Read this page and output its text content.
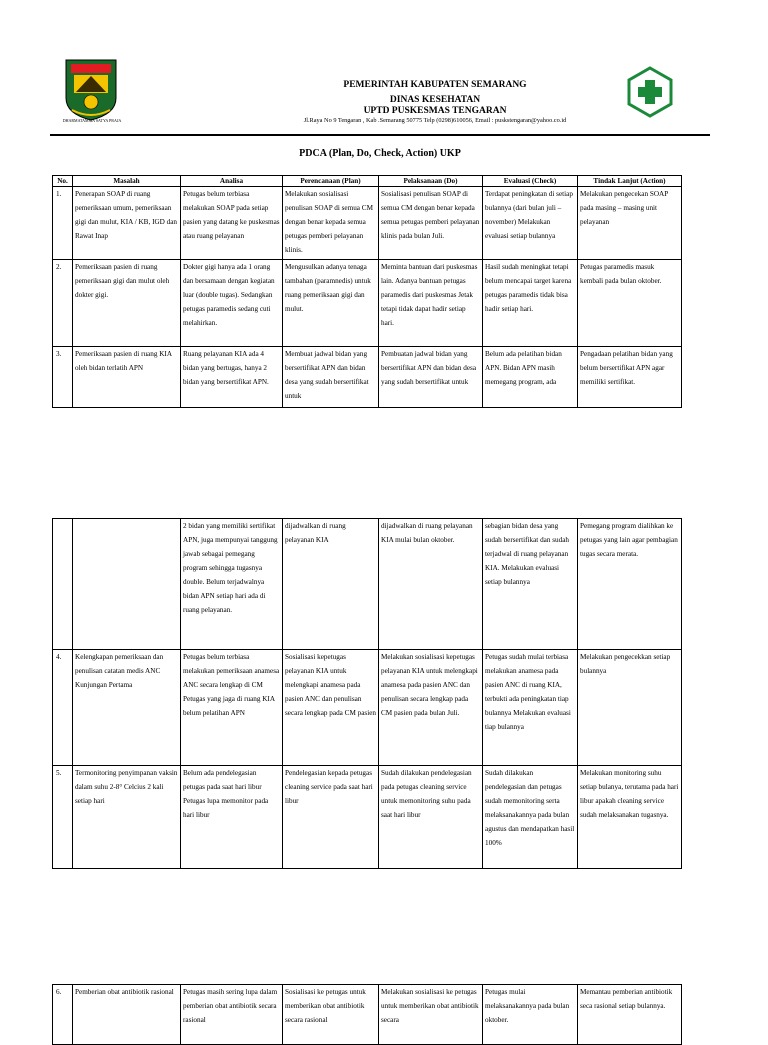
DHARMATAMMA SATYA PRAJA
PEMERINTAH KABUPATEN SEMARANG
DINAS KESEHATAN
UPTD PUSKESMAS TENGARAN
Jl.Raya No 9 Tengaran , Kab .Semarang 50775 Telp (0298)610056, Email : puskstengaran@yahoo.co.id
PDCA (Plan, Do, Check, Action) UKP
No.	Masalah	Analisa	Perencanaan (Plan)	Pelaksanaan (Do)	Evaluasi (Check)	Tindak Lanjut (Action)
1.	Penerapan SOAP di ruang pemeriksaan umum, pemeriksaan gigi dan mulut, KIA / KB, IGD dan Rawat Inap	Petugas belum terbiasa melakukan SOAP pada setiap pasien yang datang ke puskesmas atau ruang pelayanan	Melakukan sosialisasi penulisan SOAP di semua CM dengan benar kepada semua petugas pemberi pelayanan klinis.	Sosialisasi penulisan SOAP di semua CM dengan benar kepada semua petugas pemberi pelayanan klinis pada bulan Juli.	Terdapat peningkatan di setiap bulannya (dari bulan juli – november) Melakukan evaluasi setiap bulannya	Melakukan pengecekan SOAP pada masing – masing unit pelayanan
2.	Pemeriksaan pasien di ruang pemeriksaan gigi dan mulut oleh dokter gigi.	Dokter gigi hanya ada 1 orang dan bersamaan dengan kegiatan luar (double tugas). Sedangkan petugas paramedis sedang cuti melahirkan.	Mengusulkan adanya tenaga tambahan (paramnedis) untuk ruang pemeriksaan gigi dan mulut.	Meminta bantuan dari puskesmas lain. Adanya bantuan petugas paramedis dari puskesmas Jetak tetapi tidak dapat hadir setiap hari.	Hasil sudah meningkat tetapi belum mencapai target karena petugas paramedis tidak bisa hadir setiap hari.	Petugas paramedis masuk kembali pada bulan oktober.
3.	Pemeriksaan pasien di ruang KIA oleh bidan terlatih APN	Ruang pelayanan KIA ada 4 bidan yang bertugas, hanya 2 bidan yang bersertifikat APN.	Membuat jadwal bidan yang bersertifikat APN dan bidan desa yang sudah bersertifikat untuk	Pembuatan jadwal bidan yang bersertifikat APN dan bidan desa yang sudah bersertifikat untuk	Belum ada pelatihan bidan APN. Bidan APN masih memegang program, ada	Pengadaan pelatihan bidan yang belum bersertifikat APN agar memiliki sertifikat.
		2 bidan yang memiliki sertifikat APN, juga mempunyai tanggung jawab sebagai pemegang program sehingga tugasnya double. Belum terjadwalnya bidan APN setiap hari ada di ruang pelayanan.	dijadwalkan di ruang pelayanan KIA	dijadwalkan di ruang pelayanan KIA mulai bulan oktober.	sebagian bidan desa yang sudah bersertifikat dan sudah terjadwal di ruang pelayanan KIA. Melakukan evaluasi setiap bulannya	Pemegang program dialihkan ke petugas yang lain agar pembagian tugas secara merata.
4.	Kelengkapan pemeriksaan dan penulisan catatan medis ANC Kunjungan Pertama	Petugas belum terbiasa melakukan pemeriksaan anamesa ANC secara lengkap di CM Petugas yang jaga di ruang KIA belum pelatihan APN	Sosialisasi kepetugas pelayanan KIA untuk melengkapi anamesa pada pasien ANC dan penulisan secara lengkap pada CM pasien	Melakukan sosialisasi kepetugas pelayanan KIA untuk melengkapi anamesa pada pasien ANC dan penulisan secara lengkap pada CM pasien pada bulan Juli.	Petugas sudah mulai terbiasa melakukan anamesa pada pasien ANC di ruang KIA, terbukti ada peningkatan tiap bulannya Melakukan evaluasi tiap bulannya	Melakukan pengecekkan setiap bulannya
5.	Termonitoring penyimpanan vaksin dalam suhu 2-8° Celcius 2 kali setiap hari	Belum ada pendelegasian petugas pada saat hari libur Petugas lupa memonitor pada hari libur	Pendelegasian kepada petugas cleaning service pada saat hari libur	Sudah dilakukan pendelegasian pada petugas cleaning service untuk memonitoring suhu pada saat hari libur	Sudah dilakukan pendelegasian dan petugas sudah memonitoring serta melaksanakannya pada bulan agustus dan mendapatkan hasil 100%	Melakukan monitoring suhu setiap bulanya, terutama pada hari libur apakah cleaning service sudah melaksanakan tugasnya.
6.	Pemberian obat antibiotik rasional	Petugas masih sering lupa dalam pemberian obat antibiotik secara rasional	Sosialisasi ke petugas untuk memberikan obat antibiotik secara rasional	Melakukan sosialisasi ke petugas untuk memberikan obat antibiotik secara	Petugas mulai melaksanakannya pada bulan oktober.	Memantau pemberian antibiotik seca rasional setiap bulannya.
